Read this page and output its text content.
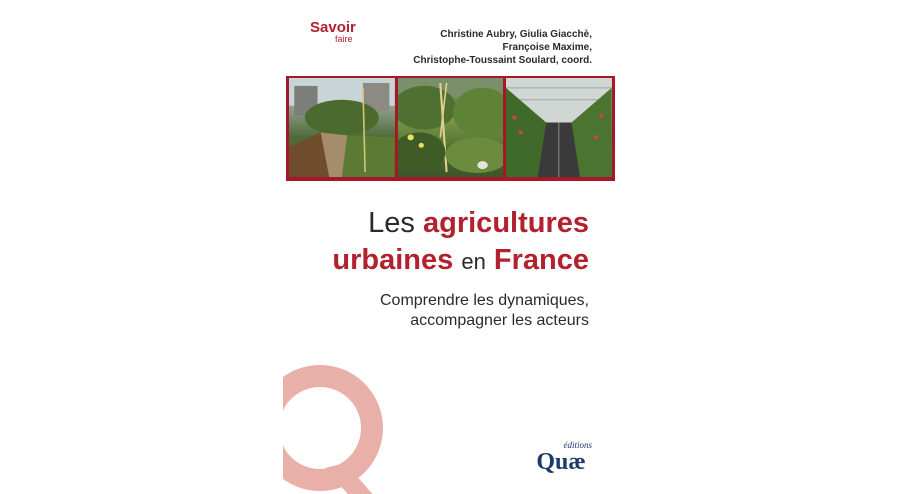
Savoir
faire	Christine Aubry, Giulia Giacchè,
Françoise Maxime,
Christophe-Toussaint Soulard, coord.
Les agricultures
urbaines en France
Comprendre les dynamiques,
accompagner les acteurs
éditions
Quæ
